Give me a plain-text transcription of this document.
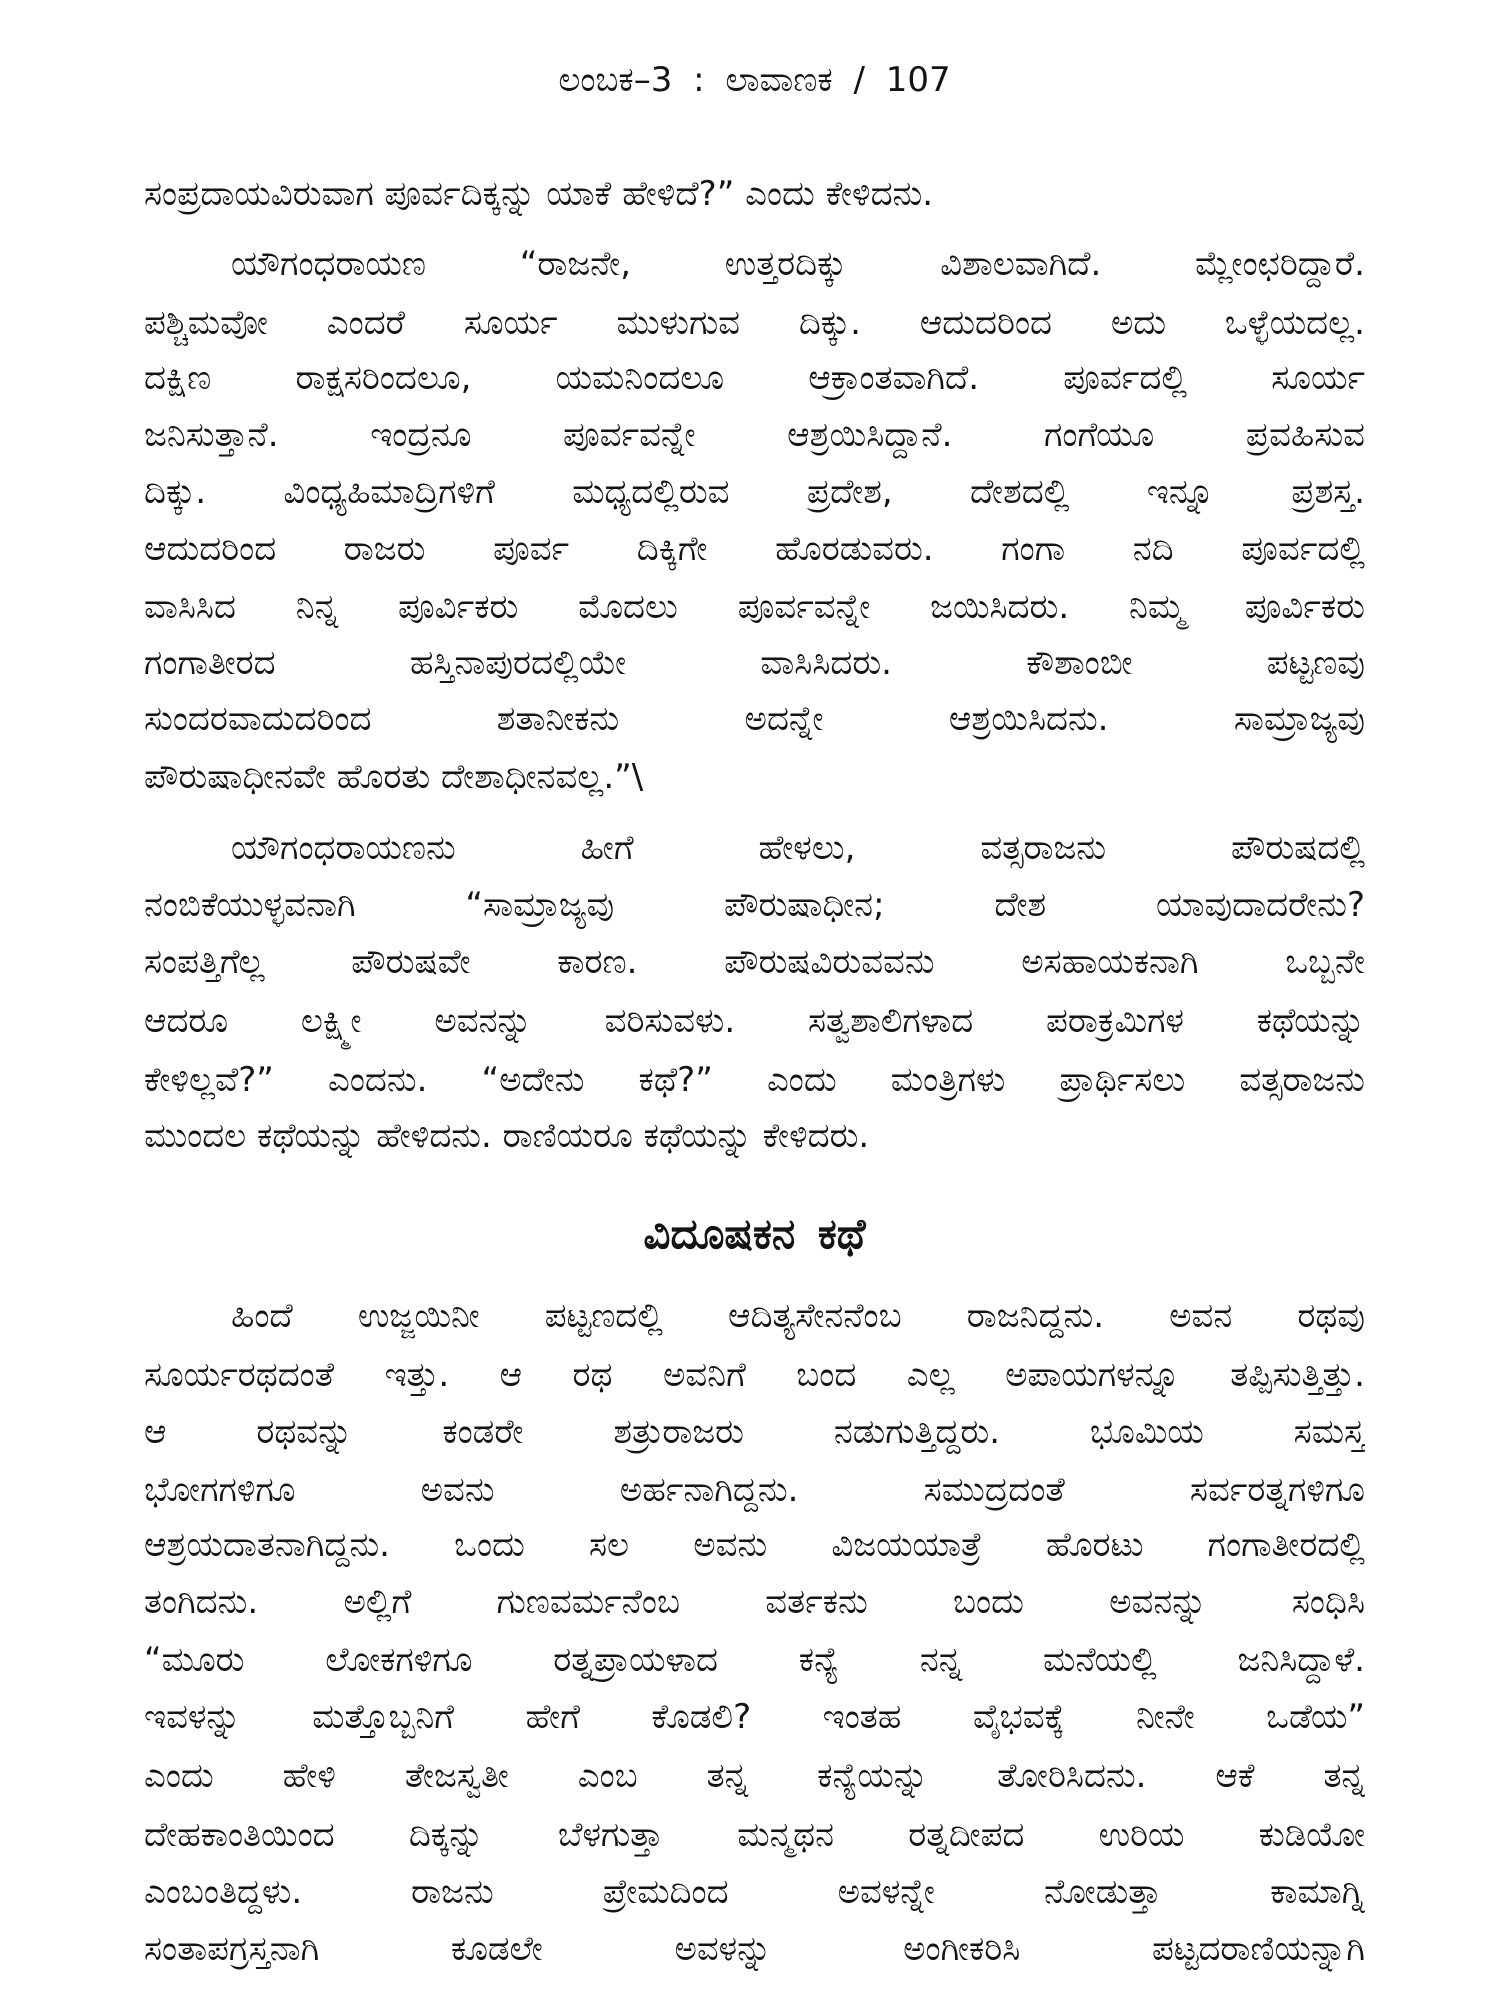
ಲಂಬಕ–3 : ಲಾವಾಣಕ / 107
ಸಂಪ್ರದಾಯವಿರುವಾಗ ಪೂರ್ವದಿಕ್ಕನ್ನು ಯಾಕೆ ಹೇಳಿದೆ?” ಎಂದು ಕೇಳಿದನು.
ಯೌಗಂಧರಾಯಣ “ರಾಜನೇ, ಉತ್ತರದಿಕ್ಕು ವಿಶಾಲವಾಗಿದೆ. ಮ್ಲೇಂಛರಿದ್ದಾರೆ.
ಪಶ್ಚಿಮವೋ ಎಂದರೆ ಸೂರ್ಯ ಮುಳುಗುವ ದಿಕ್ಕು. ಆದುದರಿಂದ ಅದು ಒಳ್ಳೆಯದಲ್ಲ.
ದಕ್ಷಿಣ ರಾಕ್ಷಸರಿಂದಲೂ, ಯಮನಿಂದಲೂ ಆಕ್ರಾಂತವಾಗಿದೆ. ಪೂರ್ವದಲ್ಲಿ ಸೂರ್ಯ
ಜನಿಸುತ್ತಾನೆ. ಇಂದ್ರನೂ ಪೂರ್ವವನ್ನೇ ಆಶ್ರಯಿಸಿದ್ದಾನೆ. ಗಂಗೆಯೂ ಪ್ರವಹಿಸುವ
ದಿಕ್ಕು. ವಿಂಧ್ಯಹಿಮಾದ್ರಿಗಳಿಗೆ ಮಧ್ಯದಲ್ಲಿರುವ ಪ್ರದೇಶ, ದೇಶದಲ್ಲಿ ಇನ್ನೂ ಪ್ರಶಸ್ತ.
ಆದುದರಿಂದ ರಾಜರು ಪೂರ್ವ ದಿಕ್ಕಿಗೇ ಹೊರಡುವರು. ಗಂಗಾ ನದಿ ಪೂರ್ವದಲ್ಲಿ
ವಾಸಿಸಿದ ನಿನ್ನ ಪೂರ್ವಿಕರು ಮೊದಲು ಪೂರ್ವವನ್ನೇ ಜಯಿಸಿದರು. ನಿಮ್ಮ ಪೂರ್ವಿಕರು
ಗಂಗಾತೀರದ ಹಸ್ತಿನಾಪುರದಲ್ಲಿಯೇ ವಾಸಿಸಿದರು. ಕೌಶಾಂಬೀ ಪಟ್ಟಣವು
ಸುಂದರವಾದುದರಿಂದ ಶತಾನೀಕನು ಅದನ್ನೇ ಆಶ್ರಯಿಸಿದನು. ಸಾಮ್ರಾಜ್ಯವು
ಪೌರುಷಾಧೀನವೇ ಹೊರತು ದೇಶಾಧೀನವಲ್ಲ.”\
ಯೌಗಂಧರಾಯಣನು ಹೀಗೆ ಹೇಳಲು, ವತ್ಸರಾಜನು ಪೌರುಷದಲ್ಲಿ
ನಂಬಿಕೆಯುಳ್ಳವನಾಗಿ “ಸಾಮ್ರಾಜ್ಯವು ಪೌರುಷಾಧೀನ; ದೇಶ ಯಾವುದಾದರೇನು?
ಸಂಪತ್ತಿಗೆಲ್ಲ ಪೌರುಷವೇ ಕಾರಣ. ಪೌರುಷವಿರುವವನು ಅಸಹಾಯಕನಾಗಿ ಒಬ್ಬನೇ
ಆದರೂ ಲಕ್ಷ್ಮೀ ಅವನನ್ನು ವರಿಸುವಳು. ಸತ್ವಶಾಲಿಗಳಾದ ಪರಾಕ್ರಮಿಗಳ ಕಥೆಯನ್ನು
ಕೇಳಿಲ್ಲವೆ?” ಎಂದನು. “ಅದೇನು ಕಥೆ?” ಎಂದು ಮಂತ್ರಿಗಳು ಪ್ರಾರ್ಥಿಸಲು ವತ್ಸರಾಜನು
ಮುಂದಲ ಕಥೆಯನ್ನು ಹೇಳಿದನು. ರಾಣಿಯರೂ ಕಥೆಯನ್ನು ಕೇಳಿದರು.
ವಿದೂಷಕನ ಕಥೆ
ಹಿಂದೆ ಉಜ್ಜಯಿನೀ ಪಟ್ಟಣದಲ್ಲಿ ಆದಿತ್ಯಸೇನನೆಂಬ ರಾಜನಿದ್ದನು. ಅವನ ರಥವು
ಸೂರ್ಯರಥದಂತೆ ಇತ್ತು. ಆ ರಥ ಅವನಿಗೆ ಬಂದ ಎಲ್ಲ ಅಪಾಯಗಳನ್ನೂ ತಪ್ಪಿಸುತ್ತಿತ್ತು.
ಆ ರಥವನ್ನು ಕಂಡರೇ ಶತ್ರುರಾಜರು ನಡುಗುತ್ತಿದ್ದರು. ಭೂಮಿಯ ಸಮಸ್ತ
ಭೋಗಗಳಿಗೂ ಅವನು ಅರ್ಹನಾಗಿದ್ದನು. ಸಮುದ್ರದಂತೆ ಸರ್ವರತ್ನಗಳಿಗೂ
ಆಶ್ರಯದಾತನಾಗಿದ್ದನು. ಒಂದು ಸಲ ಅವನು ವಿಜಯಯಾತ್ರೆ ಹೊರಟು ಗಂಗಾತೀರದಲ್ಲಿ
ತಂಗಿದನು. ಅಲ್ಲಿಗೆ ಗುಣವರ್ಮನೆಂಬ ವರ್ತಕನು ಬಂದು ಅವನನ್ನು ಸಂಧಿಸಿ
“ಮೂರು ಲೋಕಗಳಿಗೂ ರತ್ನಪ್ರಾಯಳಾದ ಕನ್ಯೆ ನನ್ನ ಮನೆಯಲ್ಲಿ ಜನಿಸಿದ್ದಾಳೆ.
ಇವಳನ್ನು ಮತ್ತೊಬ್ಬನಿಗೆ ಹೇಗೆ ಕೊಡಲಿ? ಇಂತಹ ವೈಭವಕ್ಕೆ ನೀನೇ ಒಡೆಯ”
ಎಂದು ಹೇಳಿ ತೇಜಸ್ವತೀ ಎಂಬ ತನ್ನ ಕನ್ಯೆಯನ್ನು ತೋರಿಸಿದನು. ಆಕೆ ತನ್ನ
ದೇಹಕಾಂತಿಯಿಂದ ದಿಕ್ಕನ್ನು ಬೆಳಗುತ್ತಾ ಮನ್ಮಥನ ರತ್ನದೀಪದ ಉರಿಯ ಕುಡಿಯೋ
ಎಂಬಂತಿದ್ದಳು. ರಾಜನು ಪ್ರೇಮದಿಂದ ಅವಳನ್ನೇ ನೋಡುತ್ತಾ ಕಾಮಾಗ್ನಿ
ಸಂತಾಪಗ್ರಸ್ತನಾಗಿ ಕೂಡಲೇ ಅವಳನ್ನು ಅಂಗೀಕರಿಸಿ ಪಟ್ಟದರಾಣಿಯನ್ನಾಗಿ
